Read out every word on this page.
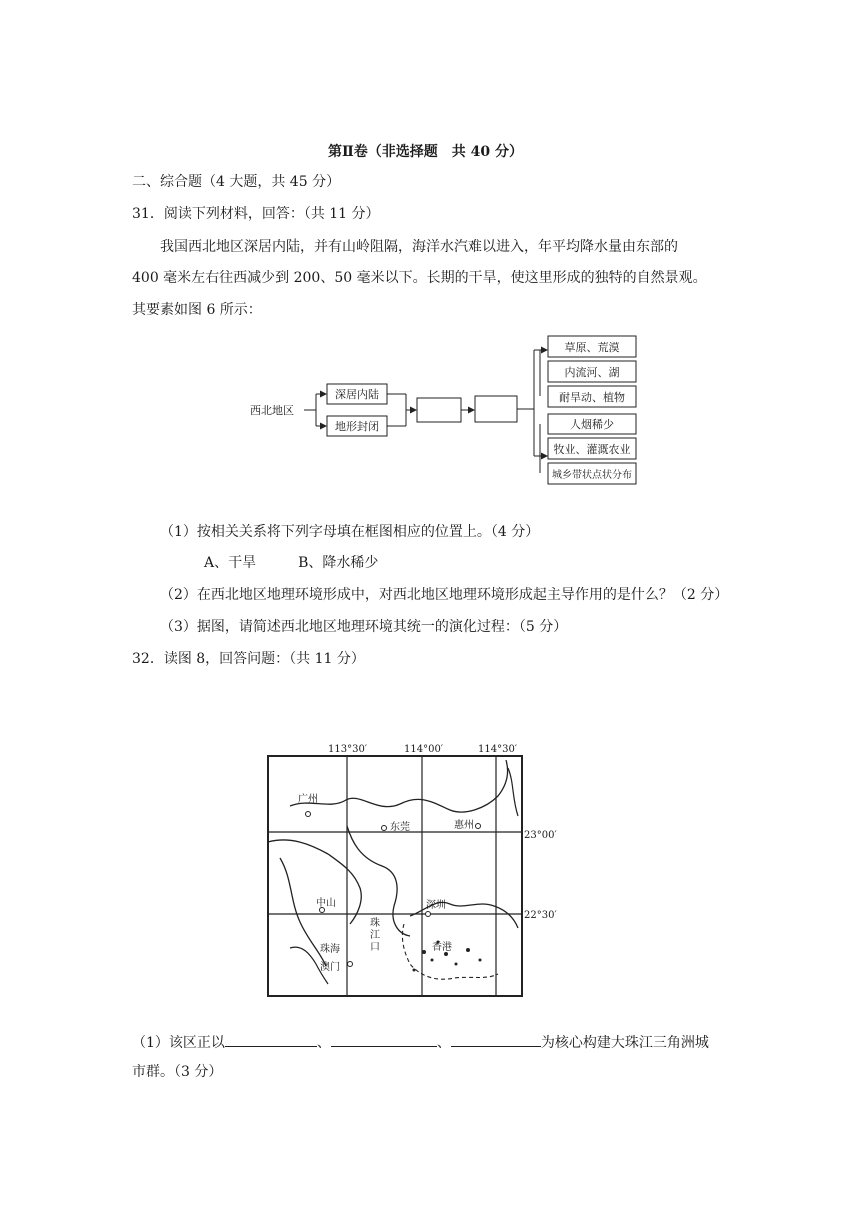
第Ⅱ卷（非选择题　共 40 分）
二、综合题（4 大题，共 45 分）
31．阅读下列材料，回答：（共 11 分）
我国西北地区深居内陆，并有山岭阻隔，海洋水汽难以进入，年平均降水量由东部的
400 毫米左右往西减少到 200、50 毫米以下。长期的干旱，使这里形成的独特的自然景观。
其要素如图 6 所示：
西北地区
深居内陆
地形封闭
草原、荒漠
内流河、湖
耐旱动、植物
人烟稀少
牧业、灌溉农业
城乡带状点状分布
（1）按相关关系将下列字母填在框图相应的位置上。（4 分）
A、干旱　　　B、降水稀少
（2）在西北地区地理环境形成中，对西北地区地理环境形成起主导作用的是什么？（2 分）
（3）据图，请简述西北地区地理环境其统一的演化过程：（5 分）
32．读图 8，回答问题：（共 11 分）
113°30′	114°00′	114°30′
23°00′
22°30′
广州
东莞	惠州
中山	深圳
珠海
澳门
珠
江
口	香港
（1）该区正以	、	、	为核心构建大珠江三角洲城
市群。（3 分）
